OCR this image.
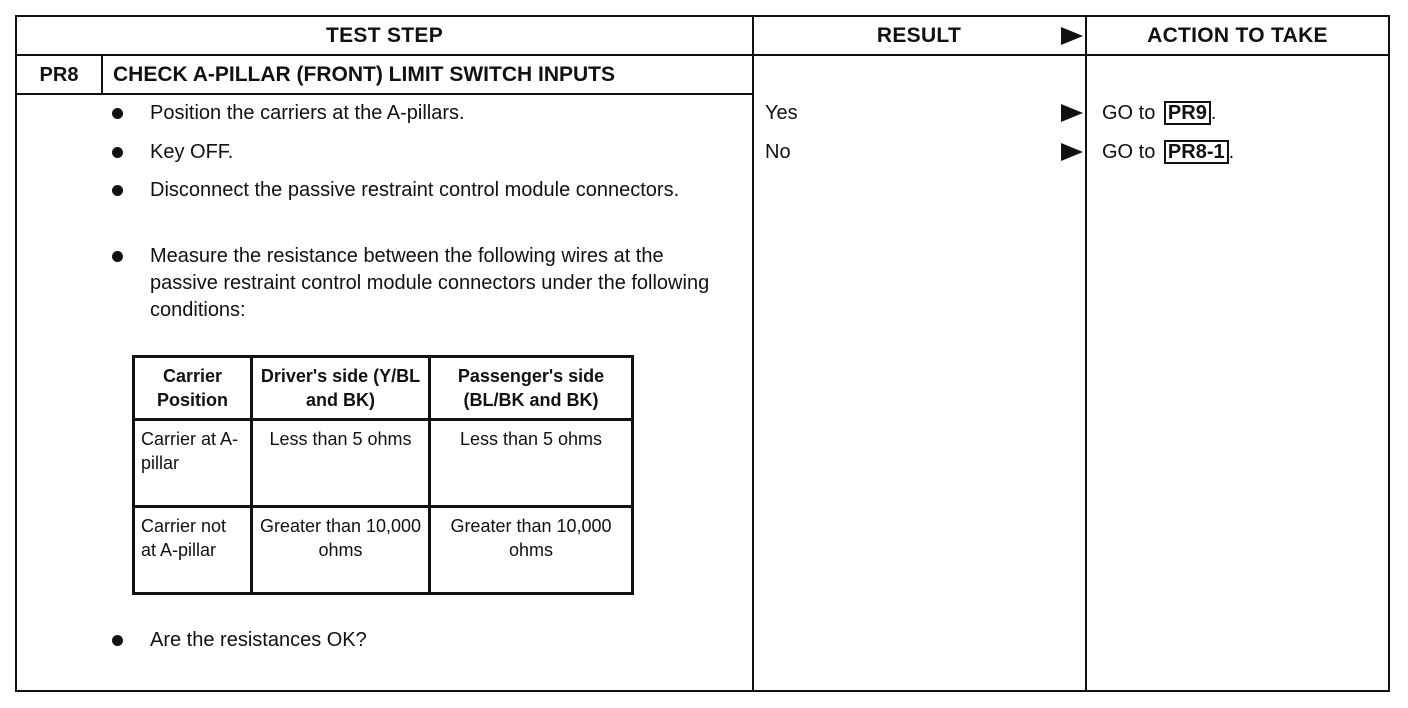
TEST STEP	RESULT	ACTION TO TAKE
PR8	CHECK A-PILLAR (FRONT) LIMIT SWITCH INPUTS
Position the carriers at the A-pillars.
Key OFF.
Disconnect the passive restraint control module connectors.
Measure the resistance between the following wires at the passive restraint control module connectors under the following conditions:
Are the resistances OK?
Carrier Position	Driver's side (Y/BL and BK)	Passenger's side (BL/BK and BK)
Carrier at A-pillar	Less than 5 ohms	Less than 5 ohms
Carrier not at A-pillar	Greater than 10,000 ohms	Greater than 10,000 ohms
Yes	GO to PR9 .
No	GO to PR8-1 .
